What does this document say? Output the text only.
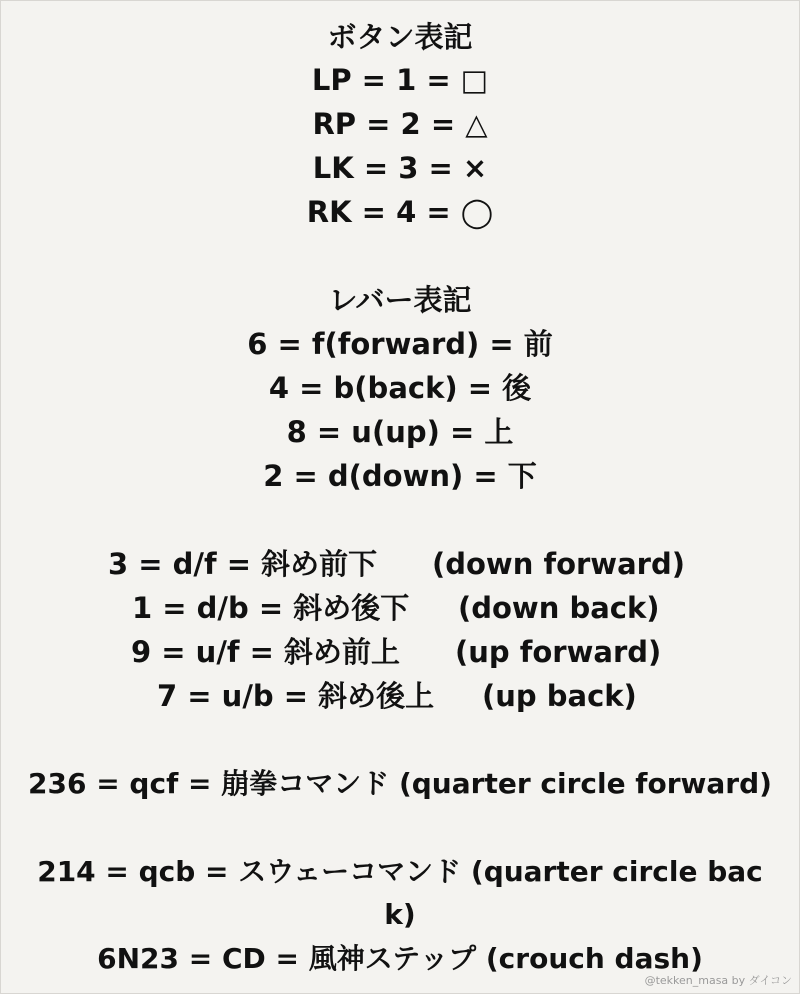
ボタン表記
LP = 1 = □
RP = 2 = △
LK = 3 = ×
RK = 4 = ◯
レバー表記
6 = f(forward) = 前
4 = b(back) = 後
8 = u(up) = 上
2 = d(down) = 下
3 = d/f = 斜め前下 (down forward)
1 = d/b = 斜め後下 (down back)
9 = u/f = 斜め前上 (up forward)
7 = u/b = 斜め後上 (up back)
236 = qcf = 崩拳コマンド (quarter circle forward)
214 = qcb = スウェーコマンド (quarter circle bac
k)
6N23 = CD = 風神ステップ (crouch dash)
@tekken_masa by ダイコン
